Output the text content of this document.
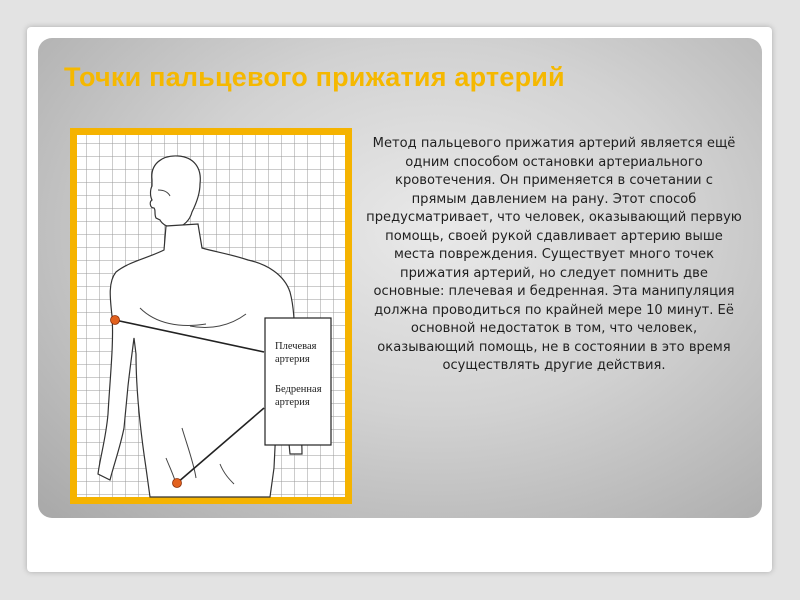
Точки пальцевого прижатия артерий
Плечевая
артерия
Бедренная
артерия

Метод пальцевого прижатия артерий является ещё одним способом остановки артериального кровотечения. Он применяется в сочетании с прямым давлением на рану. Этот способ предусматривает, что человек, оказывающий первую помощь, своей рукой сдавливает артерию выше места повреждения. Существует много точек прижатия артерий, но следует помнить две основные: плечевая и бедренная. Эта манипуляция должна проводиться по крайней мере 10 минут. Её основной недостаток в том, что человек, оказывающий помощь, не в состоянии в это время осуществлять другие действия.
